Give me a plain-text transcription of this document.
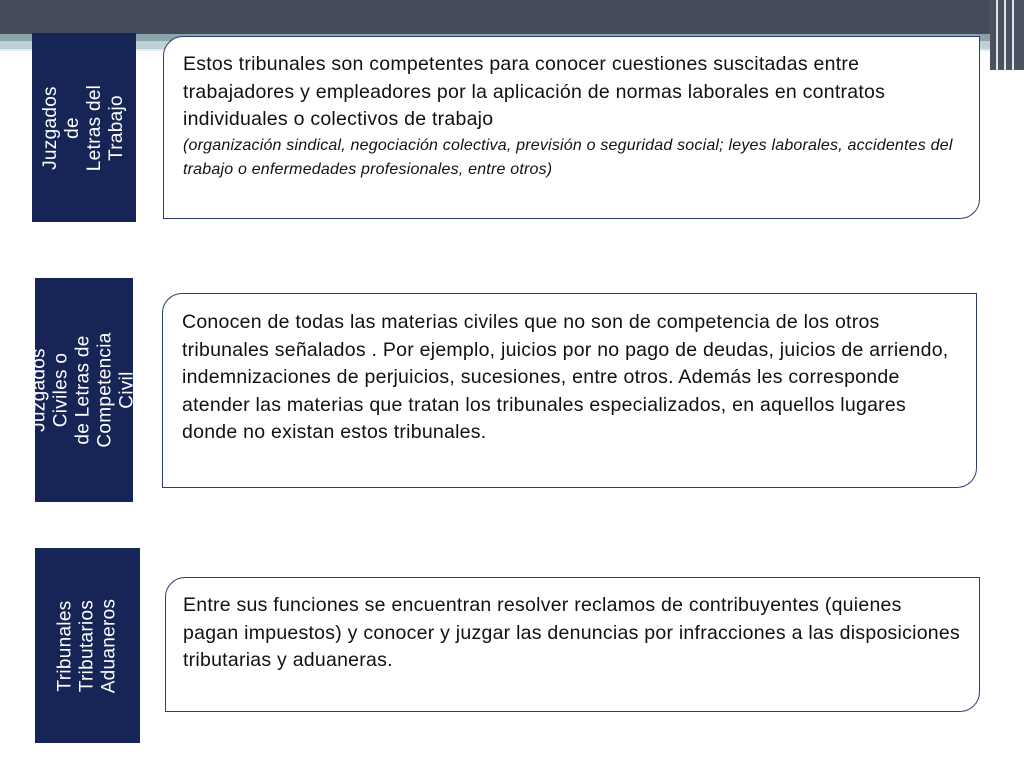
Juzgados de
Letras del
Trabajo
Estos tribunales son competentes para conocer cuestiones suscitadas entre trabajadores y empleadores por la aplicación de normas laborales en contratos individuales o colectivos de trabajo
(organización sindical, negociación colectiva, previsión o seguridad social; leyes laborales, accidentes del trabajo o enfermedades profesionales, entre otros)
Juzgados Civiles o
de Letras de
Competencia Civil
Conocen de todas las materias civiles que no son de competencia de los otros tribunales señalados . Por ejemplo, juicios por no pago de deudas, juicios de arriendo, indemnizaciones de perjuicios, sucesiones, entre otros. Además les corresponde atender las materias que tratan los tribunales especializados, en aquellos lugares donde no existan estos tribunales.
Tribunales
Tributarios
Aduaneros	Entre sus funciones se encuentran resolver reclamos de contribuyentes (quienes pagan impuestos) y conocer y juzgar las denuncias por infracciones a las disposiciones tributarias y aduaneras.
